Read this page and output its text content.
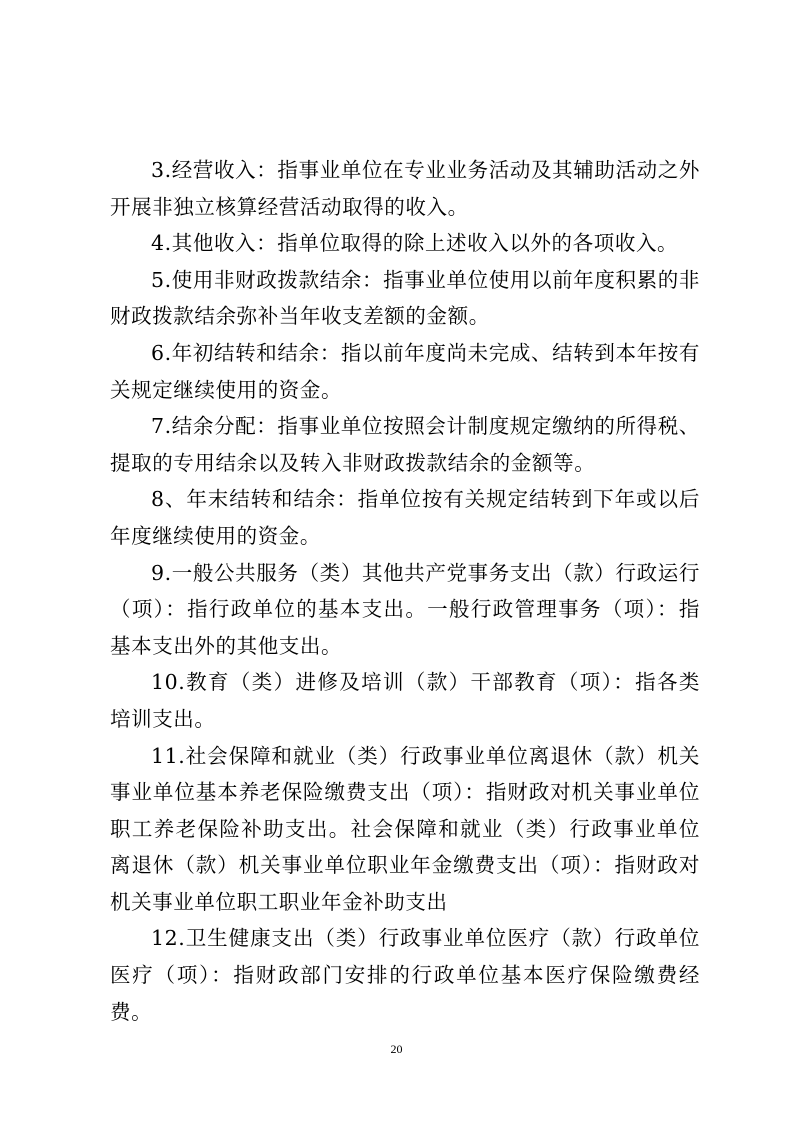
3.经营收入：指事业单位在专业业务活动及其辅助活动之外开展非独立核算经营活动取得的收入。

4.其他收入：指单位取得的除上述收入以外的各项收入。

5.使用非财政拨款结余：指事业单位使用以前年度积累的非财政拨款结余弥补当年收支差额的金额。

6.年初结转和结余：指以前年度尚未完成、结转到本年按有关规定继续使用的资金。

7.结余分配：指事业单位按照会计制度规定缴纳的所得税、提取的专用结余以及转入非财政拨款结余的金额等。

8、年末结转和结余：指单位按有关规定结转到下年或以后年度继续使用的资金。

9.一般公共服务（类）其他共产党事务支出（款）行政运行（项）：指行政单位的基本支出。一般行政管理事务（项）：指基本支出外的其他支出。

10.教育（类）进修及培训（款）干部教育（项）：指各类培训支出。

11.社会保障和就业（类）行政事业单位离退休（款）机关事业单位基本养老保险缴费支出（项）：指财政对机关事业单位职工养老保险补助支出。社会保障和就业（类）行政事业单位离退休（款）机关事业单位职业年金缴费支出（项）：指财政对机关事业单位职工职业年金补助支出

12.卫生健康支出（类）行政事业单位医疗（款）行政单位医疗（项）：指财政部门安排的行政单位基本医疗保险缴费经费。

20
